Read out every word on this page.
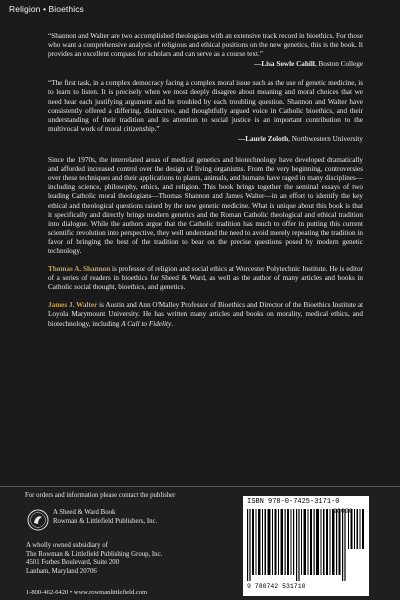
Religion • Bioethics

“Shannon and Walter are two accomplished theologians with an extensive track record in bioethics. For those who want a comprehensive analysis of religious and ethical positions on the new genetics, this is the book. It provides an excellent compass for scholars and can serve as a course text.”

—Lisa Sowle Cahill, Boston College

“The first task, in a complex democracy facing a complex moral issue such as the use of genetic medicine, is to learn to listen. It is precisely when we most deeply disagree about meaning and moral choices that we need hear each justifying argument and be troubled by each troubling question. Shannon and Walter have consistently offered a differing, distinctive, and thoughtfully argued voice in Catholic bioethics, and their understanding of their tradition and its attention to social justice is an important contribution to the multivocal work of moral citizenship.”

—Laurie Zoloth, Northwestern University

Since the 1970s, the interrelated areas of medical genetics and biotechnology have developed dramatically and afforded increased control over the design of living organisms. From the very beginning, controversies over these techniques and their applications to plants, animals, and humans have raged in many disciplines—including science, philosophy, ethics, and religion. This book brings together the seminal essays of two leading Catholic moral theologians—Thomas Shannon and James Walter—in an effort to identify the key ethical and theological questions raised by the new genetic medicine. What is unique about this book is that it specifically and directly brings modern genetics and the Roman Catholic theological and ethical tradition into dialogue. While the authors argue that the Catholic tradition has much to offer in putting this current scientific revolution into perspective, they well understand the need to avoid merely repeating the tradition in favor of bringing the best of the tradition to bear on the precise questions posed by modern genetic technology.

Thomas A. Shannon is professor of religion and social ethics at Worcester Polytechnic Institute. He is editor of a series of readers in bioethics for Sheed & Ward, as well as the author of many articles and books in Catholic social thought, bioethics, and genetics.

James J. Walter is Austin and Ann O'Malley Professor of Bioethics and Director of the Bioethics Institute at Loyola Marymount University. He has written many articles and books on morality, medical ethics, and biotechnology, including A Call to Fidelity.

For orders and information please contact the publisher
A Sheed & Ward Book
Rowman & Littlefield Publishers, Inc.
A wholly owned subsidiary of
The Rowman & Littlefield Publishing Group, Inc.
4501 Forbes Boulevard, Suite 200
Lanham, Maryland 20706
1-800-462-6420 • www.rowmanlittlefield.com
ISBN 978-0-7425-3171-0
9 780742 531710
